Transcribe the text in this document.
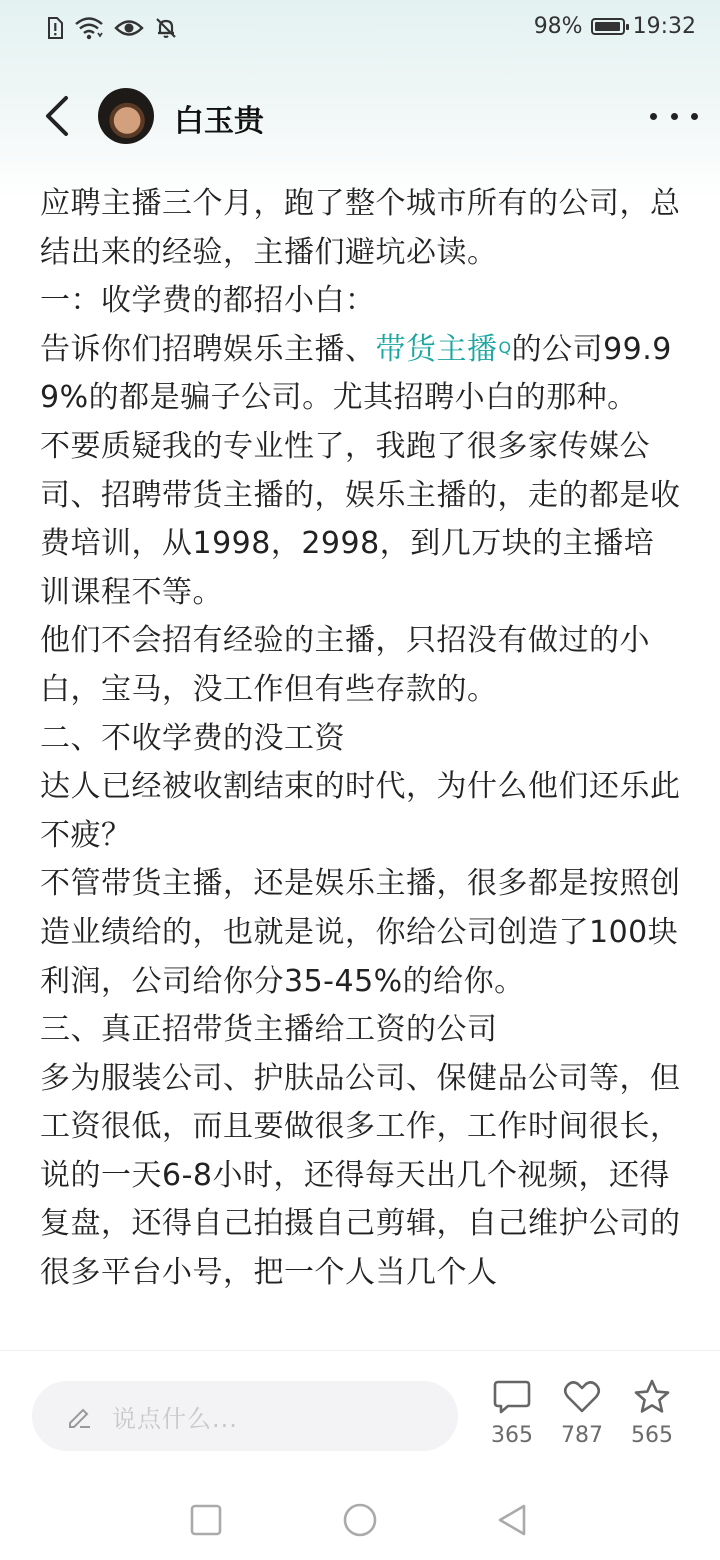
98% 19:32
白玉贵

应聘主播三个月，跑了整个城市所有的公司，总结出来的经验，主播们避坑必读。

一：收学费的都招小白：

告诉你们招聘娱乐主播、带货主播$^Q$的公司99.99%的都是骗子公司。尤其招聘小白的那种。

不要质疑我的专业性了，我跑了很多家传媒公司、招聘带货主播的，娱乐主播的，走的都是收费培训，从1998，2998，到几万块的主播培训课程不等。

他们不会招有经验的主播，只招没有做过的小白，宝马，没工作但有些存款的。

二、不收学费的没工资

达人已经被收割结束的时代，为什么他们还乐此不疲？

不管带货主播，还是娱乐主播，很多都是按照创造业绩给的，也就是说，你给公司创造了100块利润，公司给你分35-45%的给你。

三、真正招带货主播给工资的公司

多为服装公司、护肤品公司、保健品公司等，但工资很低，而且要做很多工作，工作时间很长，说的一天6-8小时，还得每天出几个视频，还得复盘，还得自己拍摄自己剪辑，自己维护公司的很多平台小号，把一个人当几个人

说点什么...
365	787	565
